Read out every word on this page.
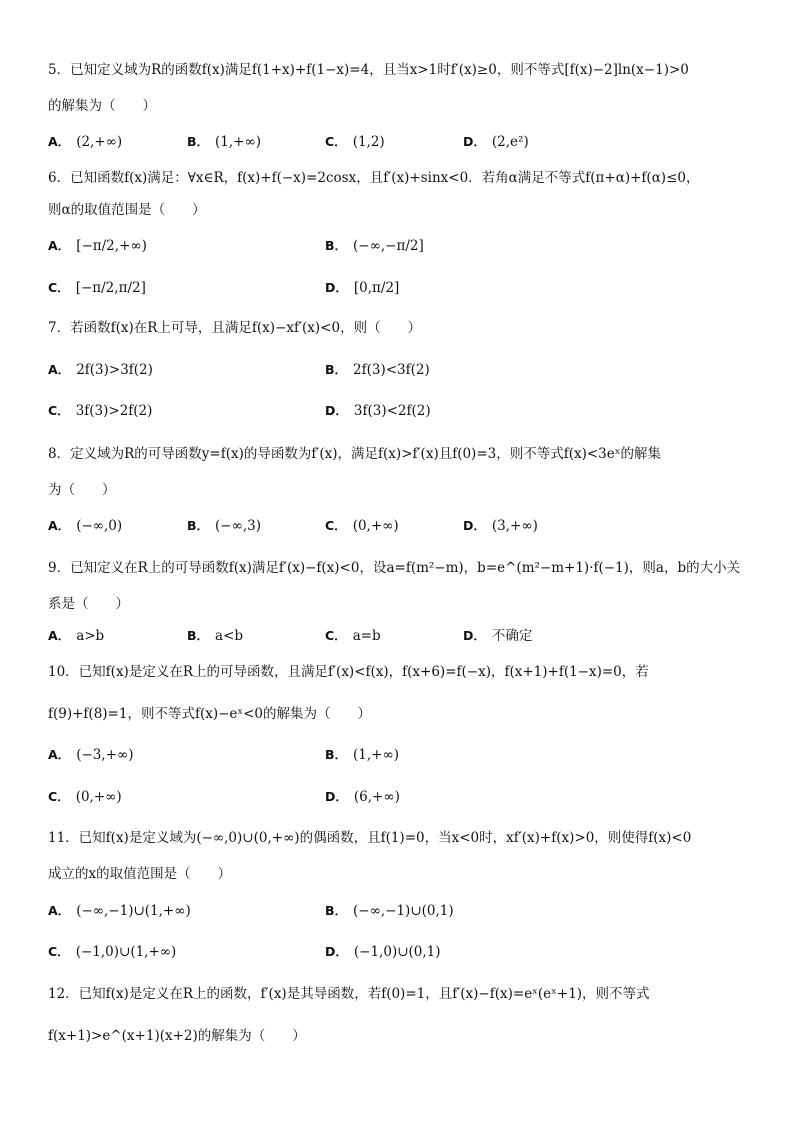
5．已知定义域为R的函数f(x)满足f(1+x)+f(1−x)=4，且当x>1时f′(x)≥0，则不等式[f(x)−2]ln(x−1)>0
的解集为（　　）
A． (2,+∞)	B． (1,+∞)	C． (1,2)	D． (2,e²)
6．已知函数f(x)满足：∀x∈R，f(x)+f(−x)=2cosx，且f′(x)+sinx<0．若角α满足不等式f(π+α)+f(α)≤0，
则α的取值范围是（　　）
A． [−π/2,+∞)	B． (−∞,−π/2]
C． [−π/2,π/2]	D． [0,π/2]
7．若函数f(x)在R上可导，且满足f(x)−xf′(x)<0，则（　　）
A． 2f(3)>3f(2)	B． 2f(3)<3f(2)
C． 3f(3)>2f(2)	D． 3f(3)<2f(2)
8．定义域为R的可导函数y=f(x)的导函数为f′(x)，满足f(x)>f′(x)且f(0)=3，则不等式f(x)<3eˣ的解集
为（　　）
A． (−∞,0)	B． (−∞,3)	C． (0,+∞)	D． (3,+∞)
9．已知定义在R上的可导函数f(x)满足f′(x)−f(x)<0，设a=f(m²−m)，b=e^(m²−m+1)·f(−1)，则a，b的大小关
系是（　　）
A． a>b	B． a<b	C． a=b	D． 不确定
10．已知f(x)是定义在R上的可导函数，且满足f′(x)<f(x)，f(x+6)=f(−x)，f(x+1)+f(1−x)=0，若
f(9)+f(8)=1，则不等式f(x)−eˣ<0的解集为（　　）
A． (−3,+∞)	B． (1,+∞)
C． (0,+∞)	D． (6,+∞)
11．已知f(x)是定义域为(−∞,0)∪(0,+∞)的偶函数，且f(1)=0，当x<0时，xf′(x)+f(x)>0，则使得f(x)<0
成立的x的取值范围是（　　）
A． (−∞,−1)∪(1,+∞)	B． (−∞,−1)∪(0,1)
C． (−1,0)∪(1,+∞)	D． (−1,0)∪(0,1)
12．已知f(x)是定义在R上的函数，f′(x)是其导函数，若f(0)=1，且f′(x)−f(x)=eˣ(eˣ+1)，则不等式
f(x+1)>e^(x+1)(x+2)的解集为（　　）
